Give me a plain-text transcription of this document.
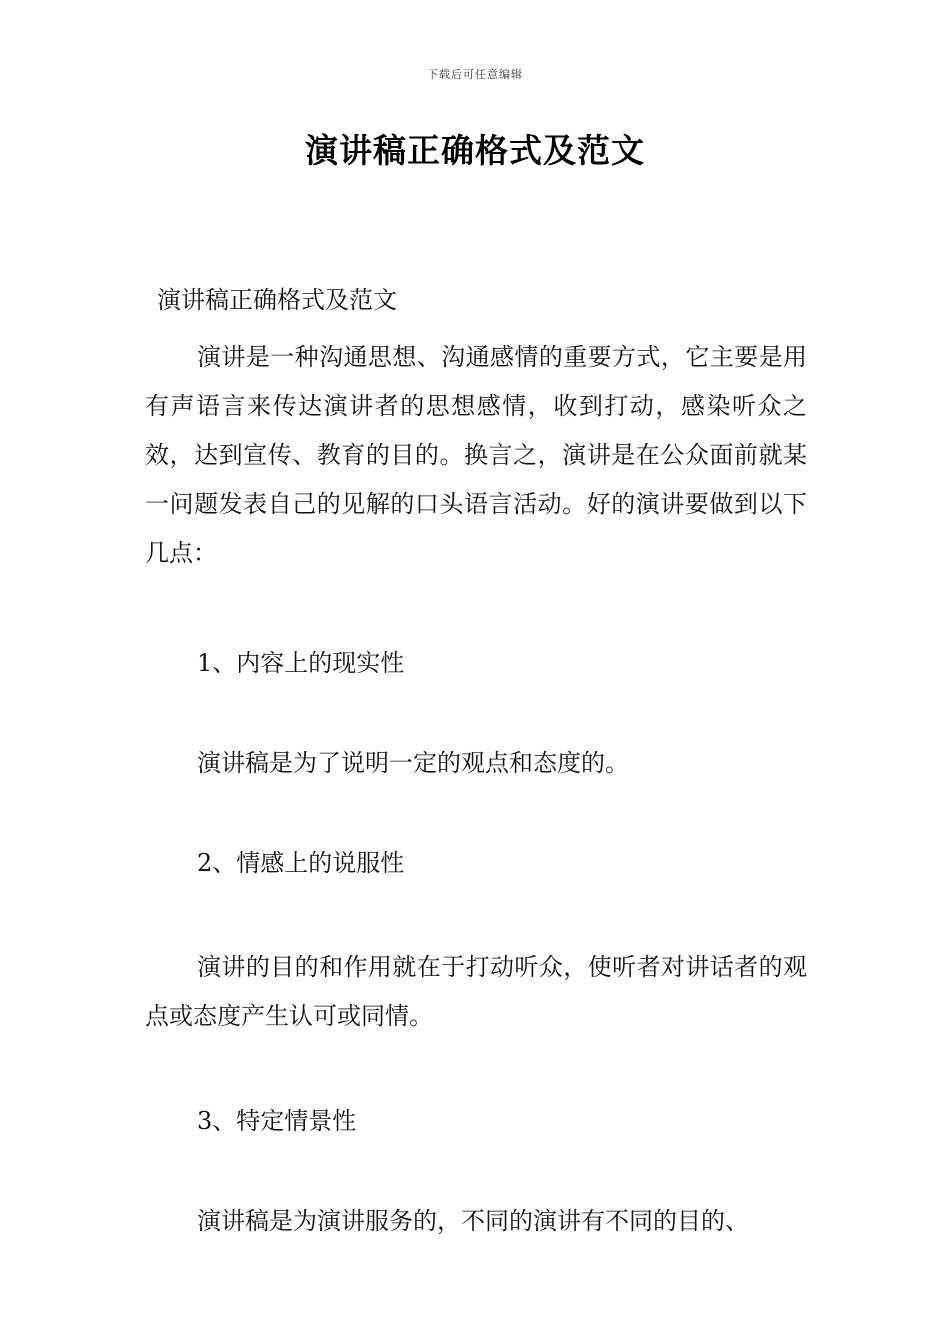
下载后可任意编辑
演讲稿正确格式及范文

演讲稿正确格式及范文

演讲是一种沟通思想、沟通感情的重要方式，它主要是用有声语言来传达演讲者的思想感情，收到打动，感染听众之效，达到宣传、教育的目的。换言之，演讲是在公众面前就某一问题发表自己的见解的口头语言活动。好的演讲要做到以下几点：

1、内容上的现实性

演讲稿是为了说明一定的观点和态度的。

2、情感上的说服性

演讲的目的和作用就在于打动听众，使听者对讲话者的观点或态度产生认可或同情。

3、特定情景性

演讲稿是为演讲服务的，不同的演讲有不同的目的、
